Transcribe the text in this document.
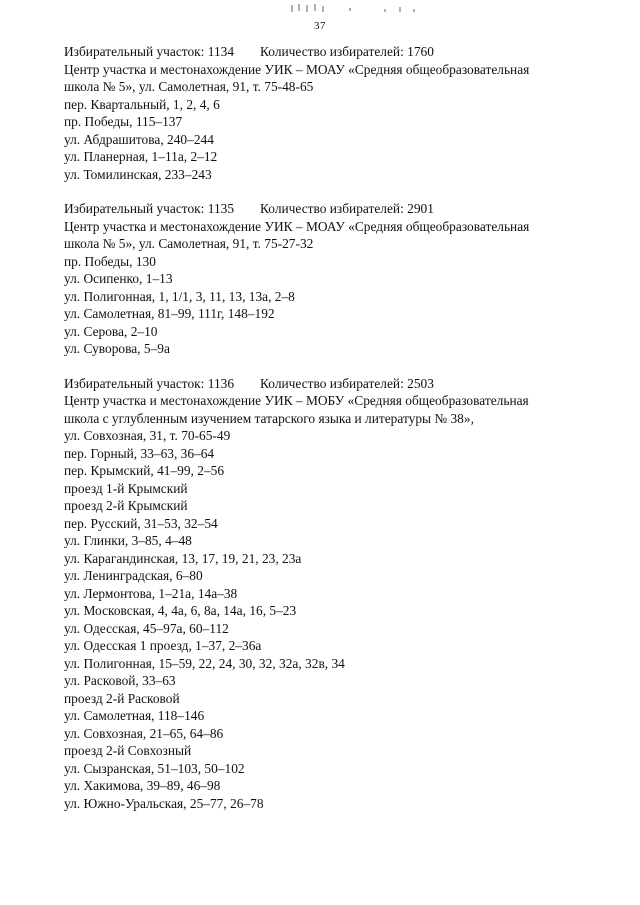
37
Избирательный участок: 1134 Количество избирателей: 1760
Центр участка и местонахождение УИК – МОАУ «Средняя общеобразовательная
школа № 5», ул. Самолетная, 91, т. 75-48-65
пер. Квартальный, 1, 2, 4, 6
пр. Победы, 115–137
ул. Абдрашитова, 240–244
ул. Планерная, 1–11а, 2–12
ул. Томилинская, 233–243
Избирательный участок: 1135 Количество избирателей: 2901
Центр участка и местонахождение УИК – МОАУ «Средняя общеобразовательная
школа № 5», ул. Самолетная, 91, т. 75-27-32
пр. Победы, 130
ул. Осипенко, 1–13
ул. Полигонная, 1, 1/1, 3, 11, 13, 13а, 2–8
ул. Самолетная, 81–99, 111г, 148–192
ул. Серова, 2–10
ул. Суворова, 5–9а
Избирательный участок: 1136 Количество избирателей: 2503
Центр участка и местонахождение УИК – МОБУ «Средняя общеобразовательная
школа с углубленным изучением татарского языка и литературы № 38»,
ул. Совхозная, 31, т. 70-65-49
пер. Горный, 33–63, 36–64
пер. Крымский, 41–99, 2–56
проезд 1-й Крымский
проезд 2-й Крымский
пер. Русский, 31–53, 32–54
ул. Глинки, 3–85, 4–48
ул. Карагандинская, 13, 17, 19, 21, 23, 23а
ул. Ленинградская, 6–80
ул. Лермонтова, 1–21а, 14а–38
ул. Московская, 4, 4а, 6, 8а, 14а, 16, 5–23
ул. Одесская, 45–97а, 60–112
ул. Одесская 1 проезд, 1–37, 2–36а
ул. Полигонная, 15–59, 22, 24, 30, 32, 32а, 32в, 34
ул. Расковой, 33–63
проезд 2-й Расковой
ул. Самолетная, 118–146
ул. Совхозная, 21–65, 64–86
проезд 2-й Совхозный
ул. Сызранская, 51–103, 50–102
ул. Хакимова, 39–89, 46–98
ул. Южно-Уральская, 25–77, 26–78
